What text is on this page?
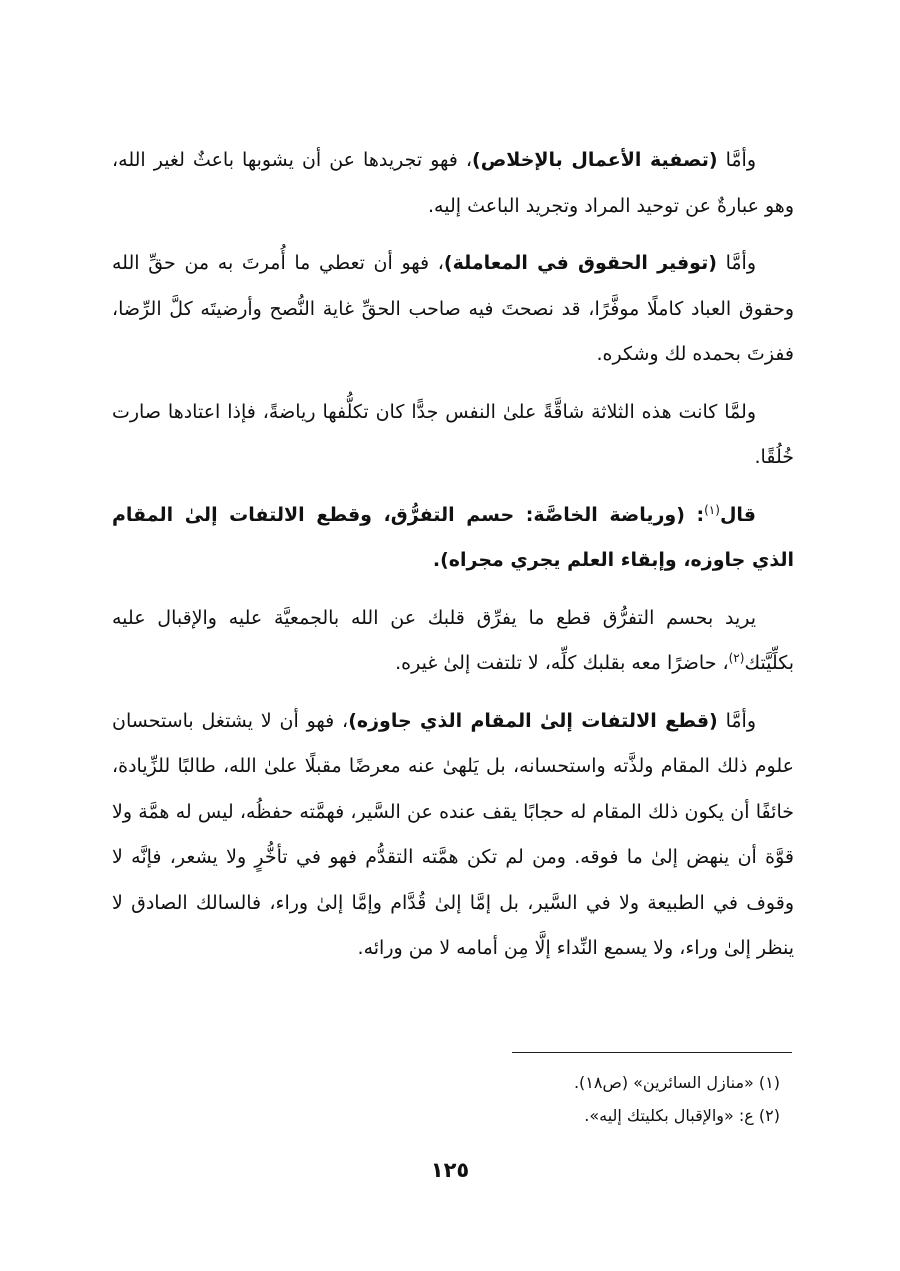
وأمَّا (تصفية الأعمال بالإخلاص)، فهو تجريدها عن أن يشوبها باعثٌ لغير الله، وهو عبارةٌ عن توحيد المراد وتجريد الباعث إليه.

وأمَّا (توفير الحقوق في المعاملة)، فهو أن تعطي ما أُمرتَ به من حقِّ الله وحقوق العباد كاملًا موفَّرًا، قد نصحتَ فيه صاحب الحقِّ غاية النُّصح وأرضيتَه كلَّ الرِّضا، ففزتَ بحمده لك وشكره.

ولمَّا كانت هذه الثلاثة شاقَّةً علىٰ النفس جدًّا كان تكلُّفها رياضةً، فإذا اعتادها صارت خُلُقًا.

قال$^{(١)}$: (ورياضة الخاصَّة: حسم التفرُّق، وقطع الالتفات إلىٰ المقام الذي جاوزه، وإبقاء العلم يجري مجراه).

يريد بحسم التفرُّق قطع ما يفرِّق قلبك عن الله بالجمعيَّة عليه والإقبال عليه بكلِّيَّتك$^{(٢)}$، حاضرًا معه بقلبك كلِّه، لا تلتفت إلىٰ غيره.

وأمَّا (قطع الالتفات إلىٰ المقام الذي جاوزه)، فهو أن لا يشتغل باستحسان علوم ذلك المقام ولذَّته واستحسانه، بل يَلهىٰ عنه معرضًا مقبلًا علىٰ الله، طالبًا للزِّيادة، خائفًا أن يكون ذلك المقام له حجابًا يقف عنده عن السَّير، فهمَّته حفظُه، ليس له همَّة ولا قوَّة أن ينهض إلىٰ ما فوقه. ومن لم تكن همَّته التقدُّم فهو في تأخُّرٍ ولا يشعر، فإنَّه لا وقوف في الطبيعة ولا في السَّير، بل إمَّا إلىٰ قُدَّام وإمَّا إلىٰ وراء، فالسالك الصادق لا ينظر إلىٰ وراء، ولا يسمع النِّداء إلَّا مِن أمامه لا من ورائه.

(١) «منازل السائرين» (ص١٨).
(٢) ع: «والإقبال بكليتك إليه».
١٢٥
